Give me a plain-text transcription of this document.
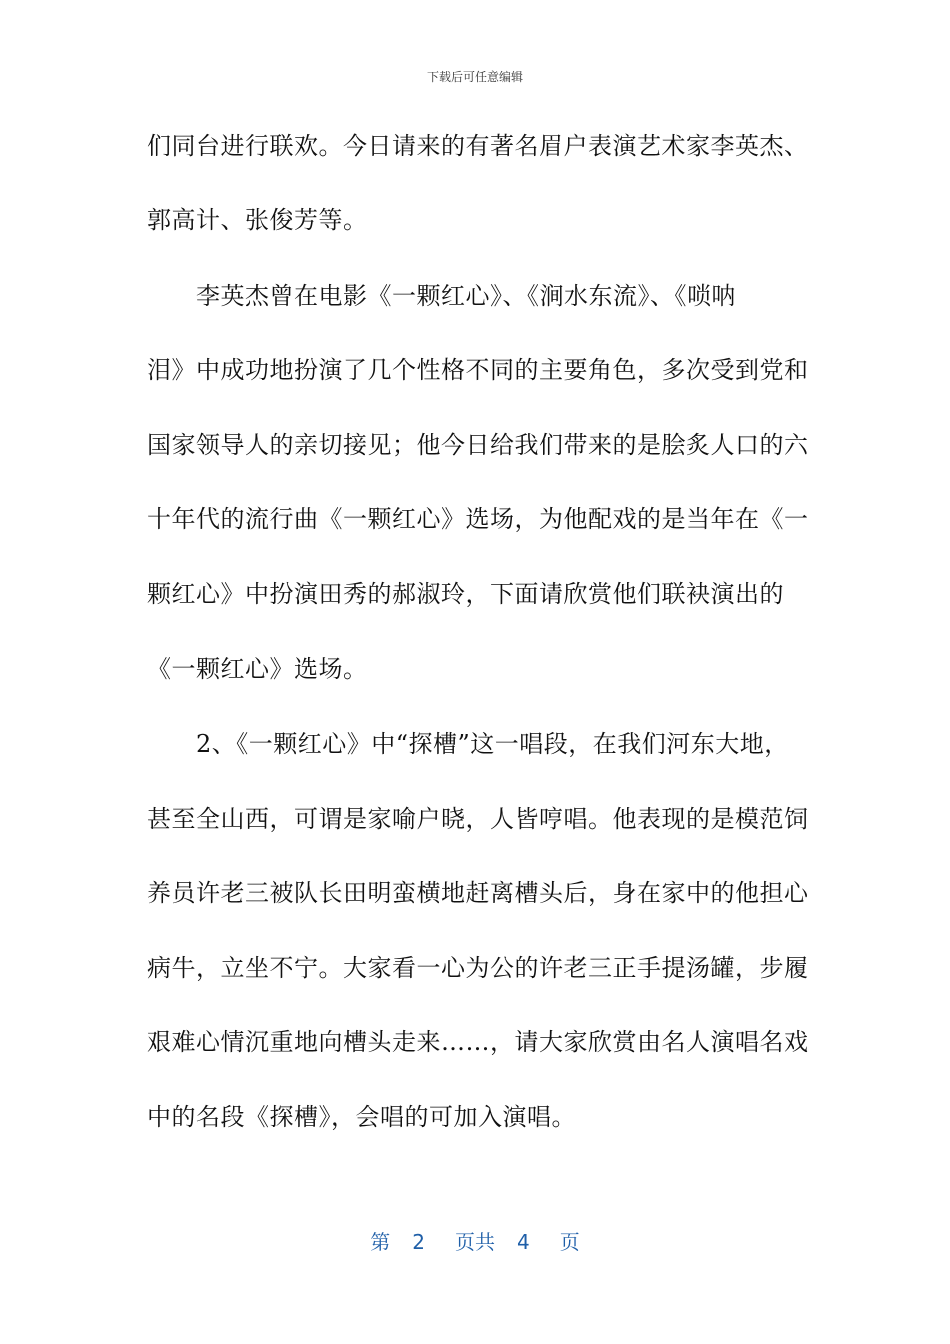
下载后可任意编辑
们同台进行联欢。今日请来的有著名眉户表演艺术家李英杰、
郭高计、张俊芳等。
　　李英杰曾在电影《一颗红心》、《涧水东流》、《唢呐
泪》中成功地扮演了几个性格不同的主要角色，多次受到党和
国家领导人的亲切接见；他今日给我们带来的是脍炙人口的六
十年代的流行曲《一颗红心》选场，为他配戏的是当年在《一
颗红心》中扮演田秀的郝淑玲，下面请欣赏他们联袂演出的
《一颗红心》选场。
　　2、《一颗红心》中“探槽”这一唱段，在我们河东大地，
甚至全山西，可谓是家喻户晓，人皆哼唱。他表现的是模范饲
养员许老三被队长田明蛮横地赶离槽头后，身在家中的他担心
病牛，立坐不宁。大家看一心为公的许老三正手提汤罐，步履
艰难心情沉重地向槽头走来……，请大家欣赏由名人演唱名戏
中的名段《探槽》，会唱的可加入演唱。
第 2 页共 4 页
